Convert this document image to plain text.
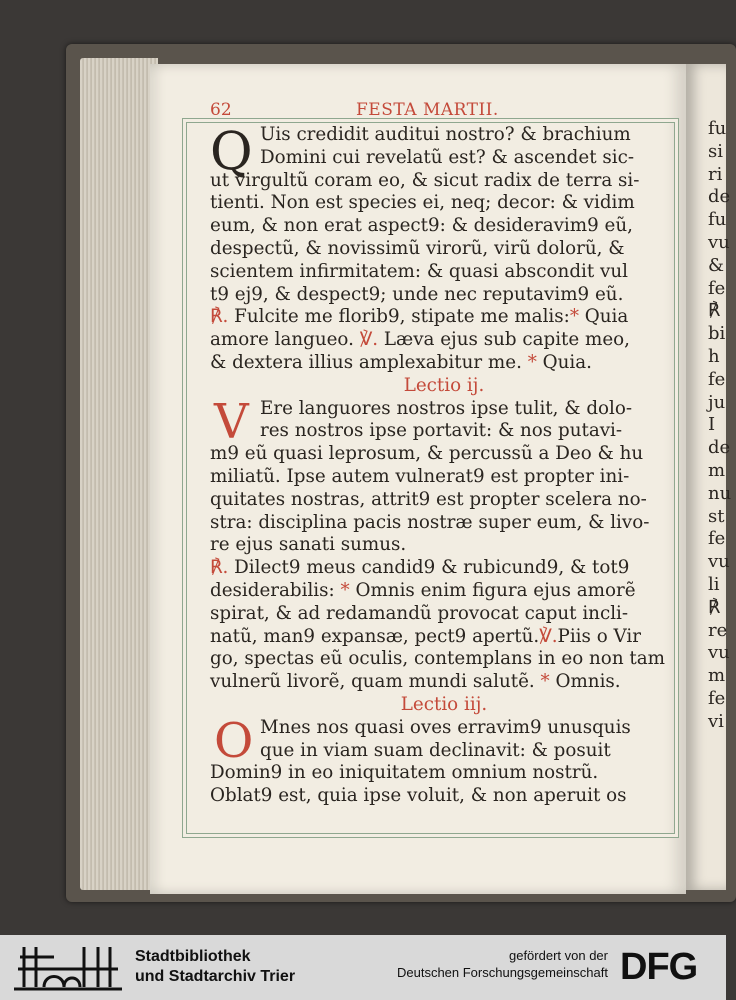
fu
si
ri
de
fu
vu
&
fe
℟
bi
h
fe
ju
I
de
m
nu
st
fe
vu
li
℟
re
vu
m
fe
vi
62	FESTA MARTII.
Q Uis credidit auditui nostro? & brachium
Domini cui revelatũ est? & ascendet sic-
ut virgultũ coram eo, & sicut radix de terra si-
tienti. Non est species ei, neq; decor: & vidim
eum, & non erat aspect9: & desideravim9 eũ,
despectũ, & novissimũ virorũ, virũ dolorũ, &
scientem infirmitatem: & quasi abscondit vul
t9 ej9, & despect9; unde nec reputavim9 eũ.
℟. Fulcite me florib9, stipate me malis:* Quia
amore langueo. ℣. Læva ejus sub capite meo,
& dextera illius amplexabitur me. * Quia.
Lectio ij.
V Ere languores nostros ipse tulit, & dolo-
res nostros ipse portavit: & nos putavi-
m9 eũ quasi leprosum, & percussũ a Deo & hu
miliatũ. Ipse autem vulnerat9 est propter ini-
quitates nostras, attrit9 est propter scelera no-
stra: disciplina pacis nostræ super eum, & livo-
re ejus sanati sumus.
℟. Dilect9 meus candid9 & rubicund9, & tot9
desiderabilis: * Omnis enim figura ejus amorẽ
spirat, & ad redamandũ provocat caput incli-
natũ, man9 expansæ, pect9 apertũ.℣.Piis o Vir
go, spectas eũ oculis, contemplans in eo non tam
vulnerũ livorẽ, quam mundi salutẽ. * Omnis.
Lectio iij.
O Mnes nos quasi oves erravim9 unusquis
que in viam suam declinavit: & posuit
Domin9 in eo iniquitatem omnium nostrũ.
Oblat9 est, quia ipse voluit, & non aperuit os
Stadtbibliothek
und Stadtarchiv Trier
gefördert von der
Deutschen Forschungsgemeinschaft DFG
